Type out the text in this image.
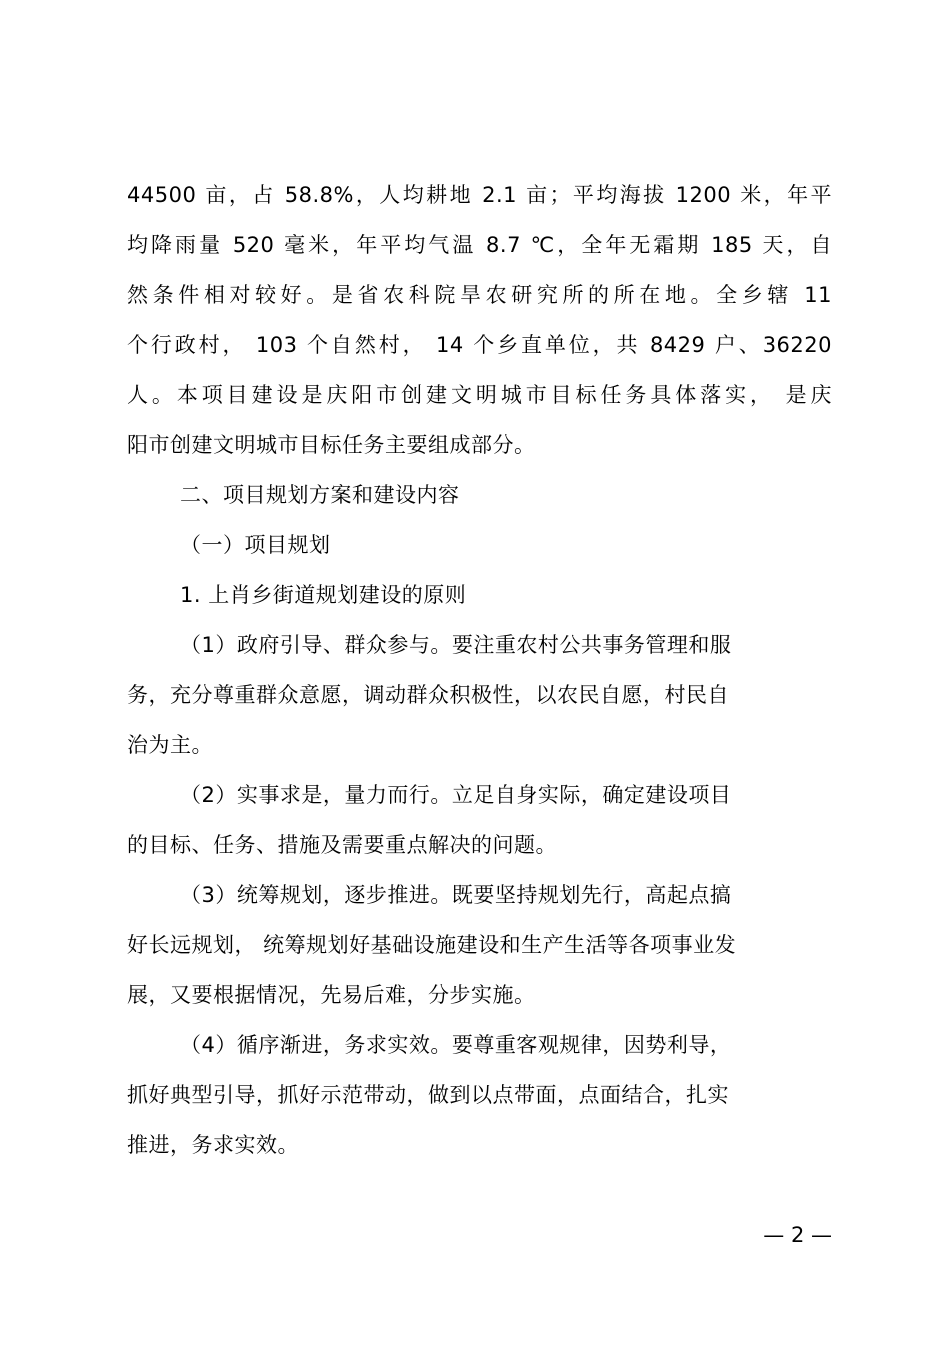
44500 亩，占 58.8%，人均耕地 2.1 亩；平均海拔 1200 米，年平
均降雨量 520 毫米，年平均气温 8.7 ℃，全年无霜期 185 天，自
然条件相对较好。是省农科院旱农研究所的所在地。全乡辖 11
个行政村， 103 个自然村， 14 个乡直单位，共 8429 户、36220
人。本项目建设是庆阳市创建文明城市目标任务具体落实， 是庆
阳市创建文明城市目标任务主要组成部分。
二、项目规划方案和建设内容
（一）项目规划
1. 上肖乡街道规划建设的原则
（1）政府引导、群众参与。要注重农村公共事务管理和服
务，充分尊重群众意愿，调动群众积极性，以农民自愿，村民自
治为主。
（2）实事求是，量力而行。立足自身实际，确定建设项目
的目标、任务、措施及需要重点解决的问题。
（3）统筹规划，逐步推进。既要坚持规划先行，高起点搞
好长远规划， 统筹规划好基础设施建设和生产生活等各项事业发
展，又要根据情况，先易后难，分步实施。
（4）循序渐进，务求实效。要尊重客观规律，因势利导，
抓好典型引导，抓好示范带动，做到以点带面，点面结合，扎实
推进，务求实效。
— 2 —
